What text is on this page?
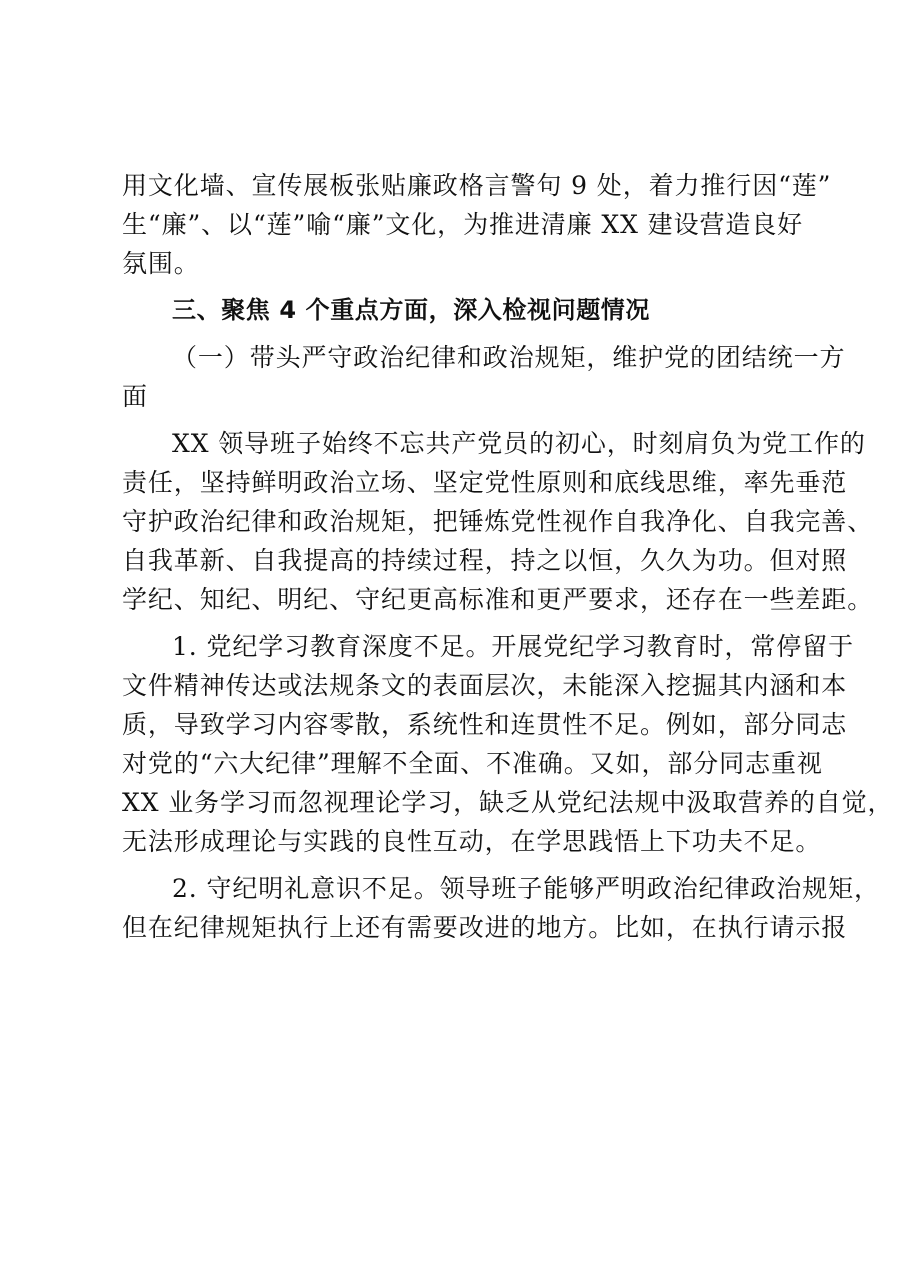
用文化墙、宣传展板张贴廉政格言警句 9 处，着力推行因“莲”

生“廉”、以“莲”喻“廉”文化，为推进清廉 XX 建设营造良好

氛围。

三、聚焦 4 个重点方面，深入检视问题情况

（一）带头严守政治纪律和政治规矩，维护党的团结统一方

面

XX 领导班子始终不忘共产党员的初心，时刻肩负为党工作的

责任，坚持鲜明政治立场、坚定党性原则和底线思维，率先垂范

守护政治纪律和政治规矩，把锤炼党性视作自我净化、自我完善、

自我革新、自我提高的持续过程，持之以恒，久久为功。但对照

学纪、知纪、明纪、守纪更高标准和更严要求，还存在一些差距。

1. 党纪学习教育深度不足。开展党纪学习教育时，常停留于

文件精神传达或法规条文的表面层次，未能深入挖掘其内涵和本

质，导致学习内容零散，系统性和连贯性不足。例如，部分同志

对党的“六大纪律”理解不全面、不准确。又如，部分同志重视

XX 业务学习而忽视理论学习，缺乏从党纪法规中汲取营养的自觉，

无法形成理论与实践的良性互动，在学思践悟上下功夫不足。

2. 守纪明礼意识不足。领导班子能够严明政治纪律政治规矩，

但在纪律规矩执行上还有需要改进的地方。比如，在执行请示报
